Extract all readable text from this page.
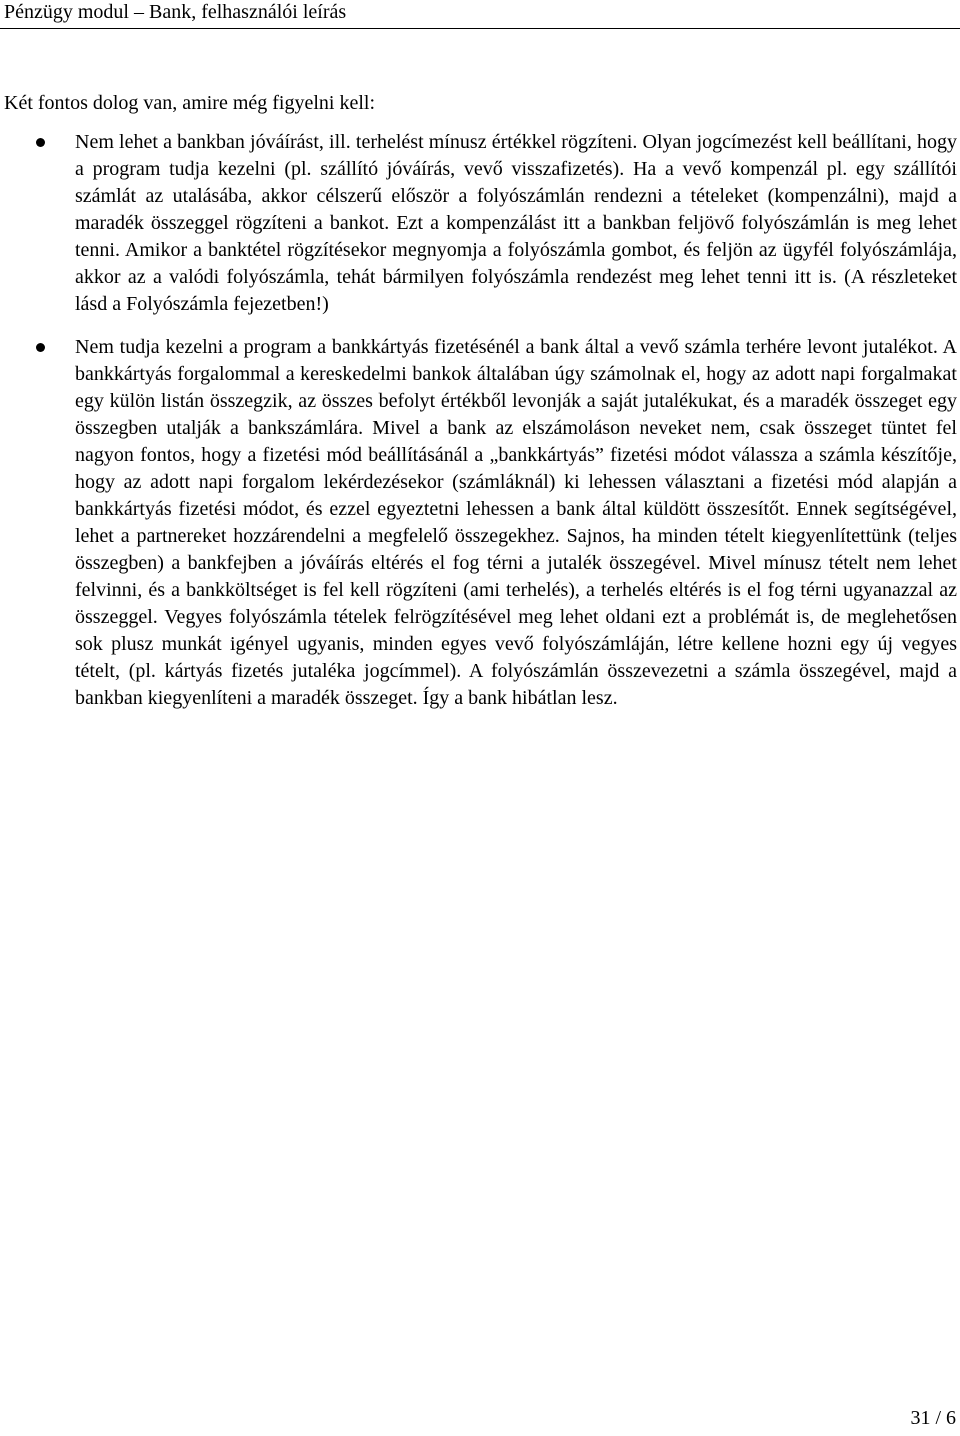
Pénzügy modul – Bank, felhasználói leírás
Két fontos dolog van, amire még figyelni kell:
Nem lehet a bankban jóváírást, ill. terhelést mínusz értékkel rögzíteni. Olyan jogcímezést kell beállítani, hogy a program tudja kezelni (pl. szállító jóváírás, vevő visszafizetés). Ha a vevő kompenzál pl. egy szállítói számlát az utalásába, akkor célszerű először a folyószámlán rendezni a tételeket (kompenzálni), majd a maradék összeggel rögzíteni a bankot. Ezt a kompenzálást itt a bankban feljövő folyószámlán is meg lehet tenni. Amikor a banktétel rögzítésekor megnyomja a folyószámla gombot, és feljön az ügyfél folyószámlája, akkor az a valódi folyószámla, tehát bármilyen folyószámla rendezést meg lehet tenni itt is. (A részleteket lásd a Folyószámla fejezetben!)
Nem tudja kezelni a program a bankkártyás fizetésénél a bank által a vevő számla terhére levont jutalékot. A bankkártyás forgalommal a kereskedelmi bankok általában úgy számolnak el, hogy az adott napi forgalmakat egy külön listán összegzik, az összes befolyt értékből levonják a saját jutalékukat, és a maradék összeget egy összegben utalják a bankszámlára. Mivel a bank az elszámoláson neveket nem, csak összeget tüntet fel nagyon fontos, hogy a fizetési mód beállításánál a „bankkártyás” fizetési módot válassza a számla készítője, hogy az adott napi forgalom lekérdezésekor (számláknál) ki lehessen választani a fizetési mód alapján a bankkártyás fizetési módot, és ezzel egyeztetni lehessen a bank által küldött összesítőt. Ennek segítségével, lehet a partnereket hozzárendelni a megfelelő összegekhez. Sajnos, ha minden tételt kiegyenlítettünk (teljes összegben) a bankfejben a jóváírás eltérés el fog térni a jutalék összegével. Mivel mínusz tételt nem lehet felvinni, és a bankköltséget is fel kell rögzíteni (ami terhelés), a terhelés eltérés is el fog térni ugyanazzal az összeggel. Vegyes folyószámla tételek felrögzítésével meg lehet oldani ezt a problémát is, de meglehetősen sok plusz munkát igényel ugyanis, minden egyes vevő folyószámláján, létre kellene hozni egy új vegyes tételt, (pl. kártyás fizetés jutaléka jogcímmel). A folyószámlán összevezetni a számla összegével, majd a bankban kiegyenlíteni a maradék összeget. Így a bank hibátlan lesz.
31 / 6
